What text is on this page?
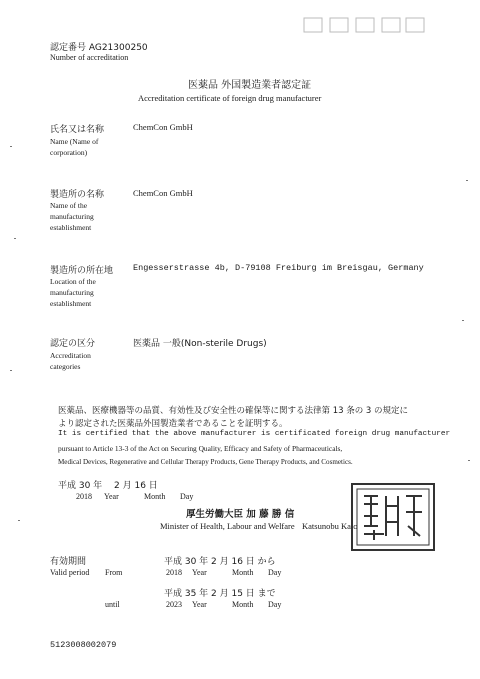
認定番号 AG21300250
Number of accreditation
医薬品 外国製造業者認定証
Accreditation certificate of foreign drug manufacturer
氏名又は名称
Name (Name of corporation)
ChemCon GmbH
製造所の名称
Name of the manufacturing establishment
ChemCon GmbH
製造所の所在地
Location of the manufacturing establishment
Engesserstrasse 4b, D-79108 Freiburg im Breisgau, Germany
認定の区分
Accreditation categories
医薬品 一般(Non-sterile Drugs)
医薬品、医療機器等の品質、有効性及び安全性の確保等に関する法律第 13 条の 3 の規定に
より認定された医薬品外国製造業者であることを証明する。
It is certified that the above manufacturer is certificated foreign drug manufacturer
pursuant to Article 13-3 of the Act on Securing Quality, Efficacy and Safety of Pharmaceuticals,
Medical Devices, Regenerative and Cellular Therapy Products, Gene Therapy Products, and Cosmetics.
平成 30 年 　2 月 16 日
2018 Year	Month Day
厚生労働大臣 加 藤 勝 信
Minister of Health, Labour and Welfare Katsunobu Kato
有効期間
Valid period From
平成 30 年 2 月 16 日 から
2018 Year	Month Day
until
平成 35 年 2 月 15 日 まで
2023 Year	Month Day
5123008002079
